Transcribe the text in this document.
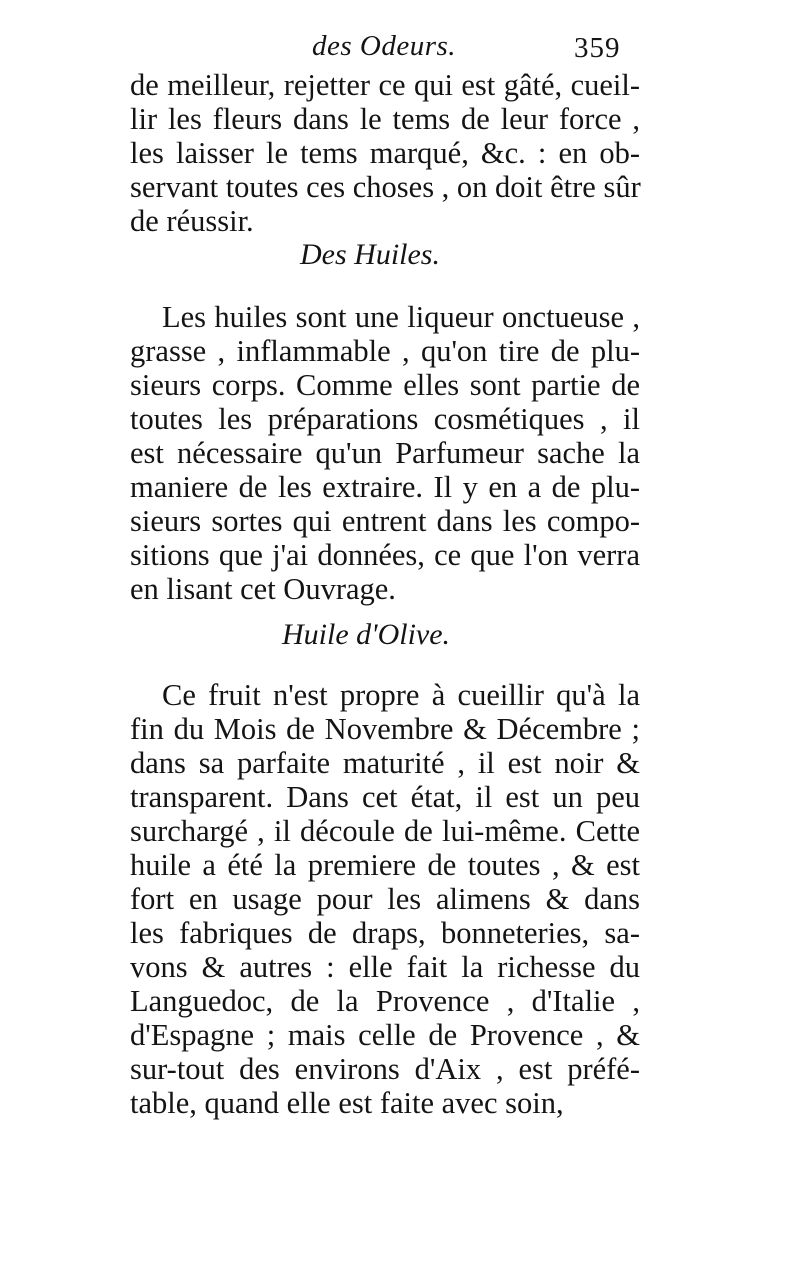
des Odeurs.	359
de meilleur, rejetter ce qui est gâté, cueil-
lir les fleurs dans le tems de leur force ,
les laisser le tems marqué, &c. : en ob-
servant toutes ces choses , on doit être sûr
de réussir.
Des Huiles.
Les huiles sont une liqueur onctueuse ,
grasse , inflammable , qu'on tire de plu-
sieurs corps. Comme elles sont partie de
toutes les préparations cosmétiques , il
est nécessaire qu'un Parfumeur sache la
maniere de les extraire. Il y en a de plu-
sieurs sortes qui entrent dans les compo-
sitions que j'ai données, ce que l'on verra
en lisant cet Ouvrage.
Huile d'Olive.
Ce fruit n'est propre à cueillir qu'à la
fin du Mois de Novembre & Décembre ;
dans sa parfaite maturité , il est noir &
transparent. Dans cet état, il est un peu
surchargé , il découle de lui-même. Cette
huile a été la premiere de toutes , & est
fort en usage pour les alimens & dans
les fabriques de draps, bonneteries, sa-
vons & autres : elle fait la richesse du
Languedoc, de la Provence , d'Italie ,
d'Espagne ; mais celle de Provence , &
sur-tout des environs d'Aix , est préfé-
table, quand elle est faite avec soin,
